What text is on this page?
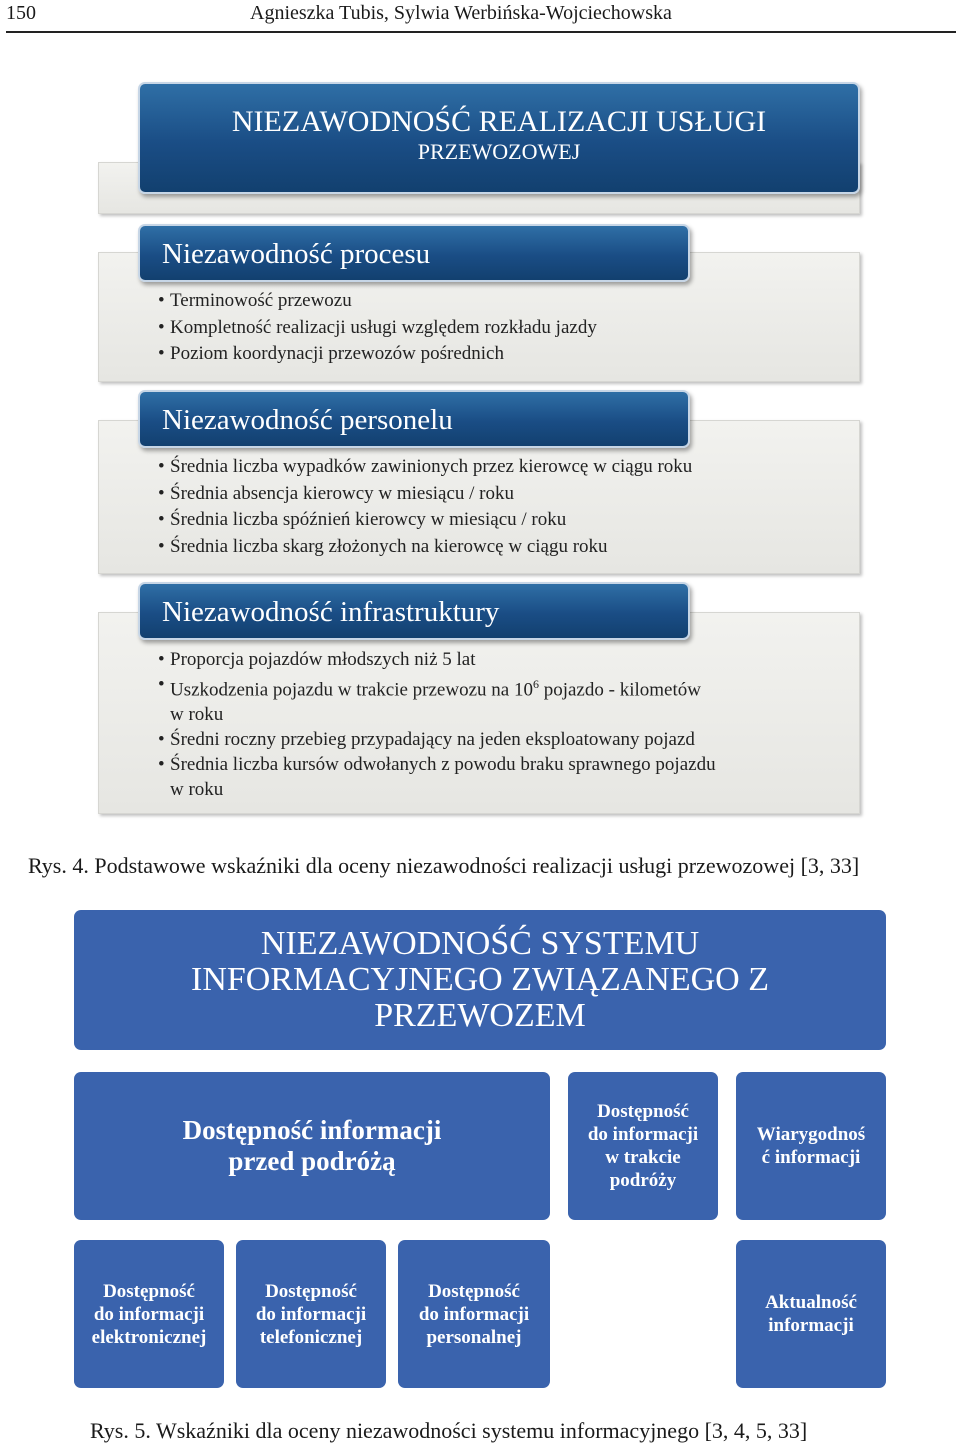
150	Agnieszka Tubis, Sylwia Werbińska-Wojciechowska
NIEZAWODNOŚĆ REALIZACJI USŁUGI
PRZEWOZOWEJ
Niezawodność procesu
• Terminowość przewozu
• Kompletność realizacji usługi względem rozkładu jazdy
• Poziom koordynacji przewozów pośrednich
Niezawodność personelu
• Średnia liczba wypadków zawinionych przez kierowcę w ciągu roku
• Średnia absencja kierowcy w miesiącu / roku
• Średnia liczba spóźnień kierowcy w miesiącu / roku
• Średnia liczba skarg złożonych na kierowcę w ciągu roku
Niezawodność infrastruktury
• Proporcja pojazdów młodszych niż 5 lat
• Uszkodzenia pojazdu w trakcie przewozu na $10^6$ pojazdo - kilometów
w roku
• Średni roczny przebieg przypadający na jeden eksploatowany pojazd
• Średnia liczba kursów odwołanych z powodu braku sprawnego pojazdu
w roku
Rys. 4. Podstawowe wskaźniki dla oceny niezawodności realizacji usługi przewozowej [3, 33]
NIEZAWODNOŚĆ SYSTEMU
INFORMACYJNEGO ZWIĄZANEGO Z
PRZEWOZEM
Dostępność informacji
przed podróżą
Dostępność
do informacji
w trakcie
podróży
Wiarygodnoś
ć informacji
Dostępność
do informacji
elektronicznej
Dostępność
do informacji
telefonicznej
Dostępność
do informacji
personalnej
Aktualność
informacji
Rys. 5. Wskaźniki dla oceny niezawodności systemu informacyjnego [3, 4, 5, 33]
